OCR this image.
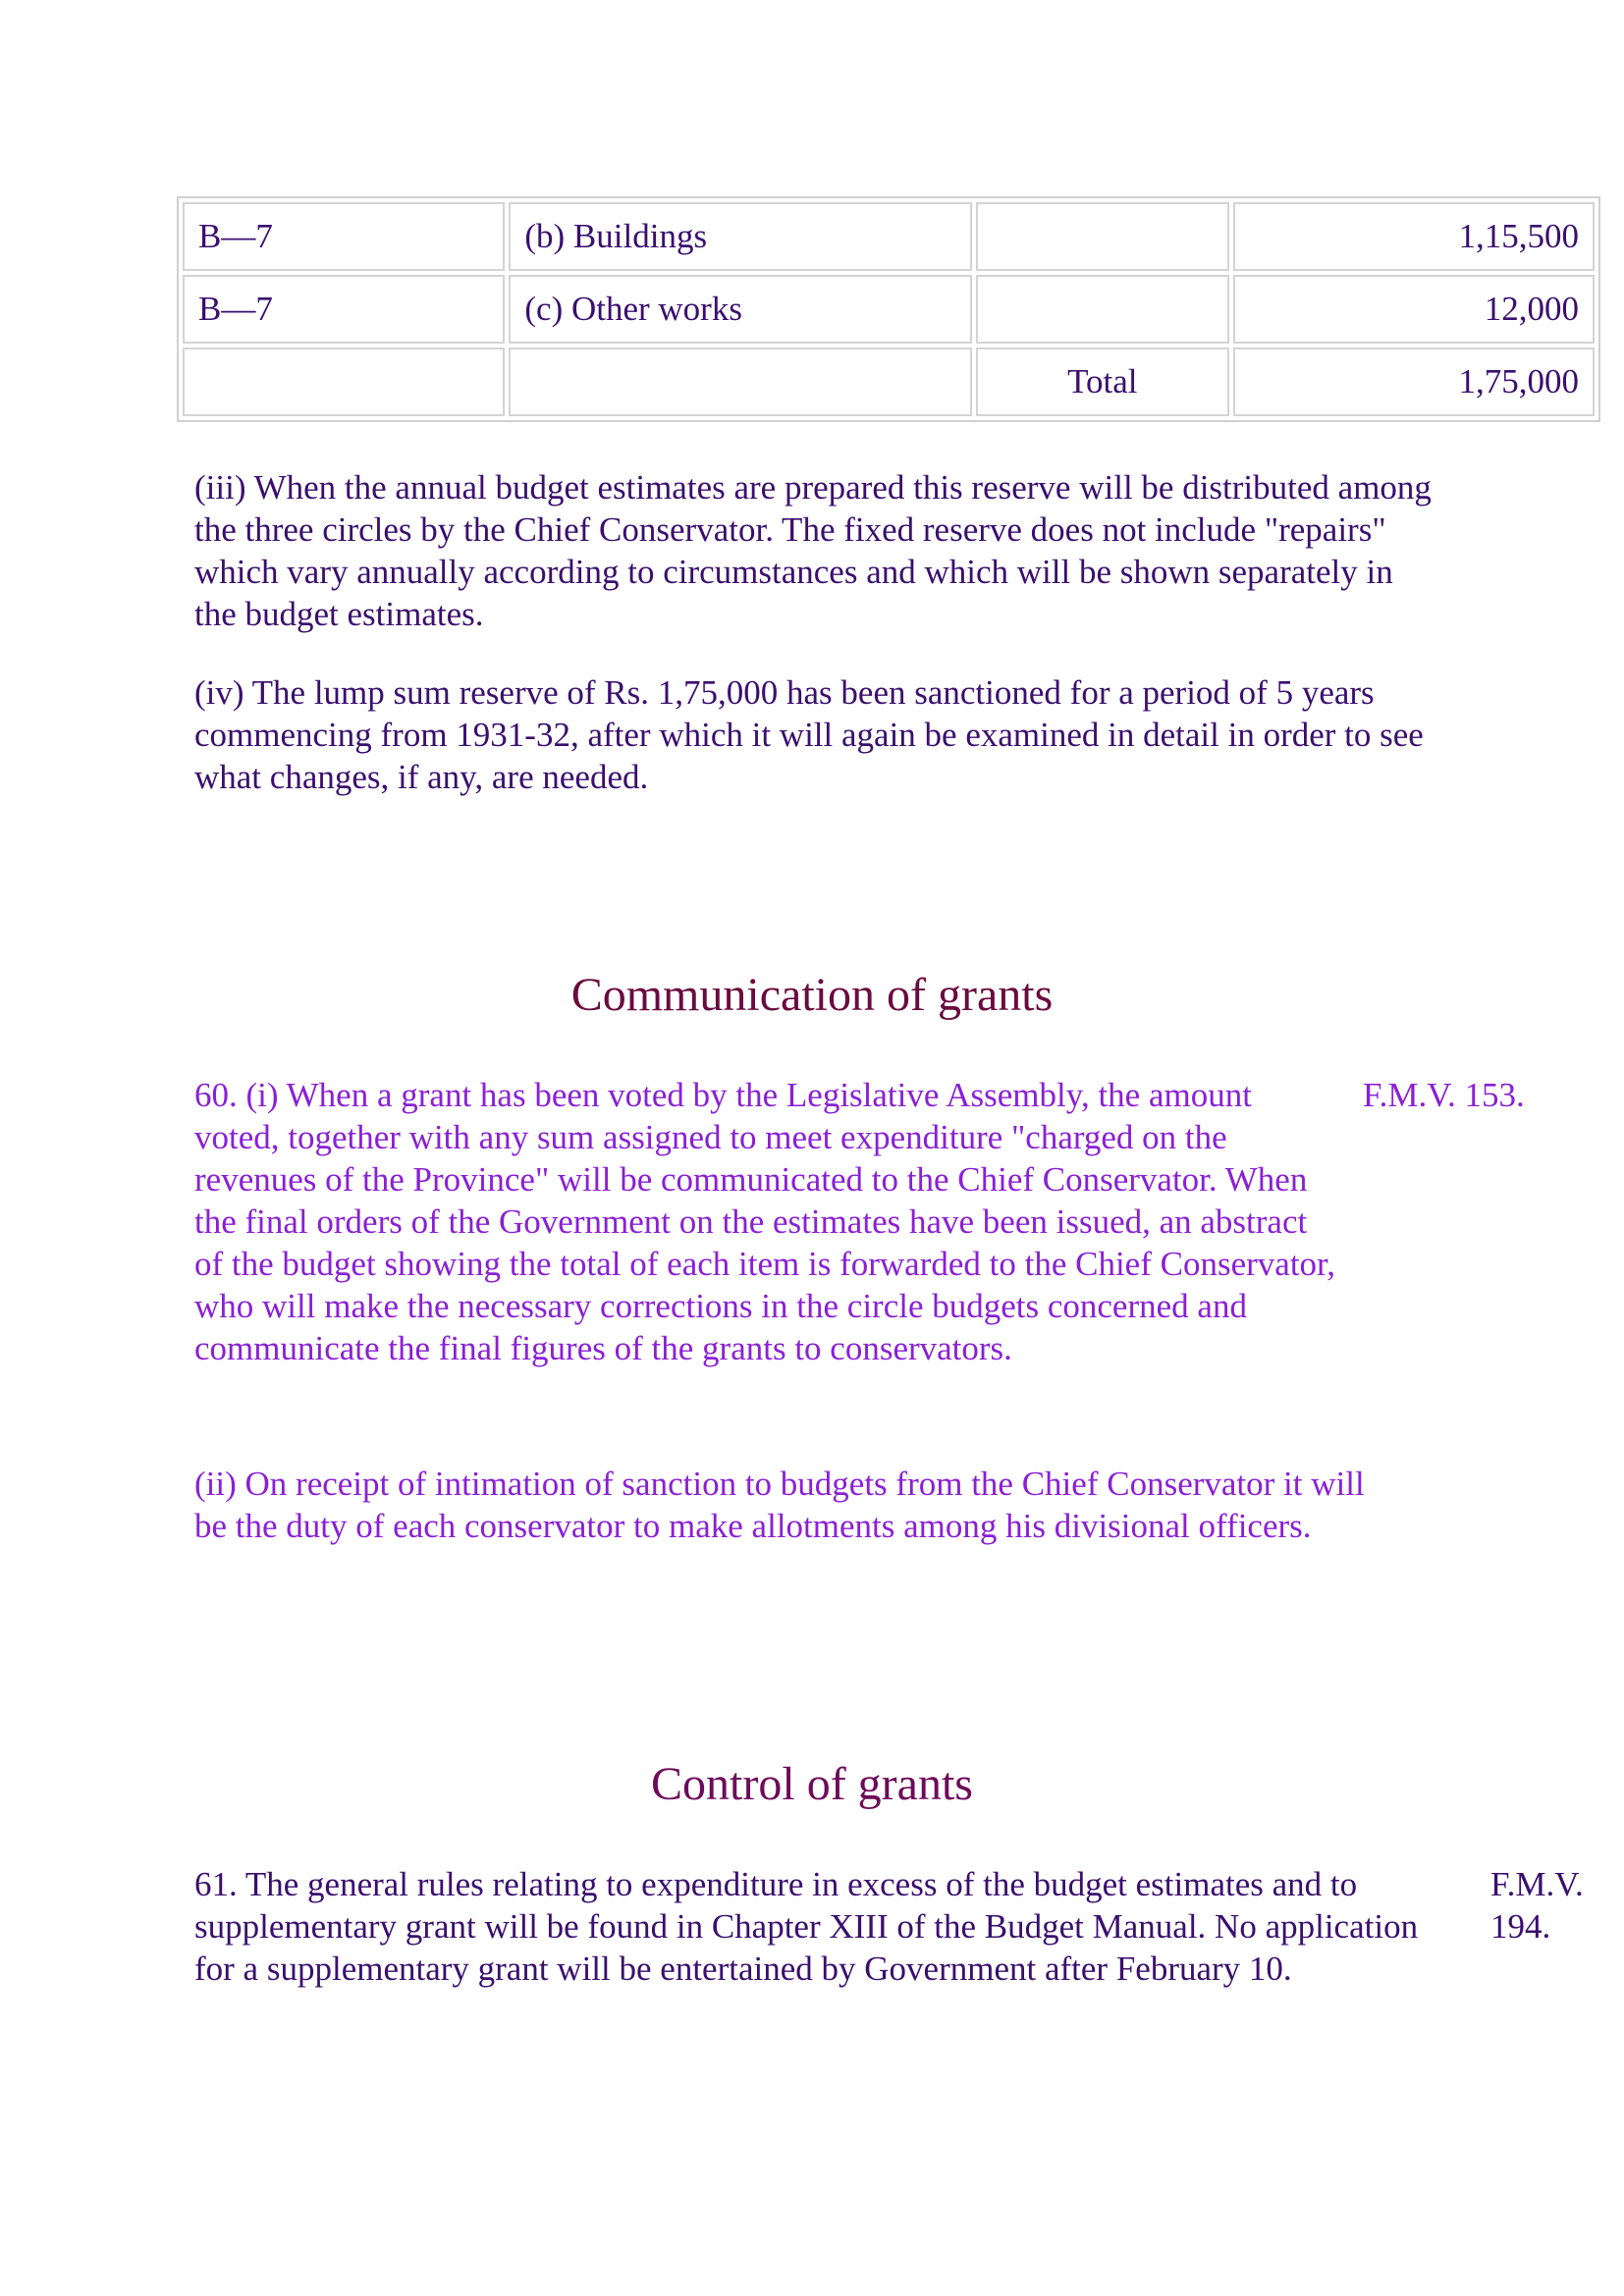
B—7	(b) Buildings		1,15,500
B—7	(c) Other works		12,000
		Total	1,75,000

(iii) When the annual budget estimates are prepared this reserve will be distributed among the three circles by the Chief Conservator. The fixed reserve does not include "repairs" which vary annually according to circumstances and which will be shown separately in the budget estimates.

(iv) The lump sum reserve of Rs. 1,75,000 has been sanctioned for a period of 5 years commencing from 1931-32, after which it will again be examined in detail in order to see what changes, if any, are needed.

Communication of grants

60. (i) When a grant has been voted by the Legislative Assembly, the amount voted, together with any sum assigned to meet expenditure "charged on the revenues of the Province" will be communicated to the Chief Conservator. When the final orders of the Government on the estimates have been issued, an abstract of the budget showing the total of each item is forwarded to the Chief Conservator, who will make the necessary corrections in the circle budgets concerned and communicate the final figures of the grants to conservators.

F.M.V. 153.

(ii) On receipt of intimation of sanction to budgets from the Chief Conservator it will be the duty of each conservator to make allotments among his divisional officers.

Control of grants

61. The general rules relating to expenditure in excess of the budget estimates and to supplementary grant will be found in Chapter XIII of the Budget Manual. No application for a supplementary grant will be entertained by Government after February 10.

F.M.V.
194.
